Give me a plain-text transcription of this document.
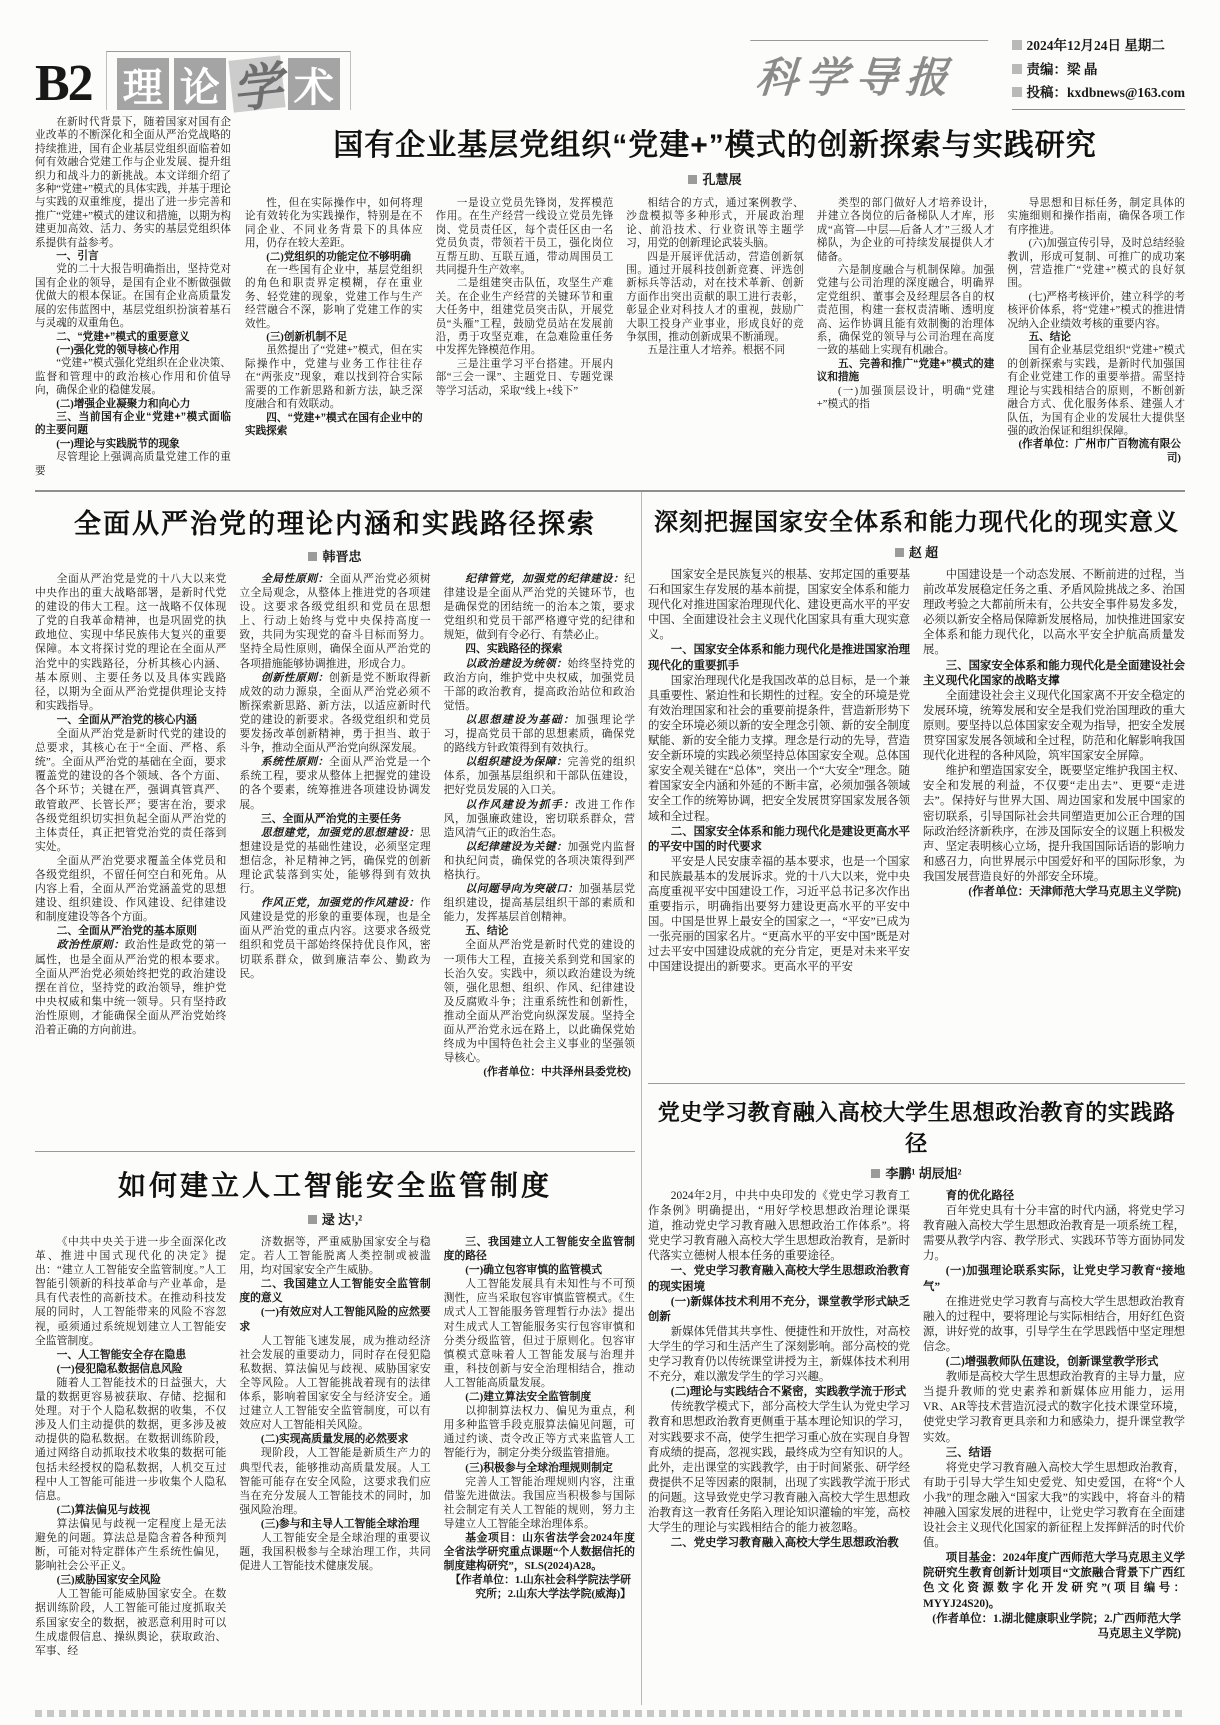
B2 理 论 学 术	科学导报
2024年12月24日 星期二
责编：梁 晶
投稿：kxdbnews@163.com

在新时代背景下，随着国家对国有企业改革的不断深化和全面从严治党战略的持续推进，国有企业基层党组织面临着如何有效融合党建工作与企业发展、提升组织力和战斗力的新挑战。本文详细介绍了多种“党建+”模式的具体实践，并基于理论与实践的双重维度，提出了进一步完善和推广“党建+”模式的建议和措施，以期为构建更加高效、活力、务实的基层党组织体系提供有益参考。

一、引言

党的二十大报告明确指出，坚持党对国有企业的领导，是国有企业不断做强做优做大的根本保证。在国有企业高质量发展的宏伟蓝图中，基层党组织扮演着基石与灵魂的双重角色。

二、“党建+”模式的重要意义

(一)强化党的领导核心作用

“党建+”模式强化党组织在企业决策、监督和管理中的政治核心作用和价值导向，确保企业的稳健发展。

(二)增强企业凝聚力和向心力

三、当前国有企业“党建+”模式面临的主要问题

(一)理论与实践脱节的现象

尽管理论上强调高质量党建工作的重要

国有企业基层党组织“党建+”模式的创新探索与实践研究
孔慧展

性，但在实际操作中，如何将理论有效转化为实践操作，特别是在不同企业、不同业务背景下的具体应用，仍存在较大差距。

(二)党组织的功能定位不够明确

在一些国有企业中，基层党组织的角色和职责界定模糊，存在重业务、轻党建的现象，党建工作与生产经营融合不深，影响了党建工作的实效性。

(三)创新机制不足

虽然提出了“党建+”模式，但在实际操作中，党建与业务工作往往存在“两张皮”现象，难以找到符合实际需要的工作新思路和新方法，缺乏深度融合和有效联动。

四、“党建+”模式在国有企业中的实践探索

一是设立党员先锋岗，发挥模范作用。在生产经营一线设立党员先锋岗、党员责任区，每个责任区由一名党员负责，带领若干员工，强化岗位互帮互助、互联互通，带动周围员工共同提升生产效率。

二是组建突击队伍，攻坚生产难关。在企业生产经营的关键环节和重大任务中，组建党员突击队，开展党员“头雁”工程，鼓励党员站在发展前沿，勇于攻坚克难，在急难险重任务中发挥先锋模范作用。

三是注重学习平台搭建。开展内部“三会一课”、主题党日、专题党课等学习活动，采取“线上+线下”

相结合的方式，通过案例教学、沙盘模拟等多种形式，开展政治理论、前沿技术、行业资讯等主题学习，用党的创新理论武装头脑。

四是开展评优活动，营造创新氛围。通过开展科技创新竞赛、评选创新标兵等活动，对在技术革新、创新方面作出突出贡献的职工进行表彰，彰显企业对科技人才的重视，鼓励广大职工投身产业事业，形成良好的竞争氛围，推动创新成果不断涌现。

五是注重人才培养。根据不同

类型的部门做好人才培养设计，并建立各岗位的后备梯队人才库，形成“高管—中层—后备人才”三级人才梯队，为企业的可持续发展提供人才储备。

六是制度融合与机制保障。加强党建与公司治理的深度融合，明确界定党组织、董事会及经理层各自的权责范围，构建一套权责清晰、透明度高、运作协调且能有效制衡的治理体系，确保党的领导与公司治理在高度一致的基础上实现有机融合。

五、完善和推广“党建+”模式的建议和措施

(一)加强顶层设计，明确“党建+”模式的指

导思想和目标任务，制定具体的实施细则和操作指南，确保各项工作有序推进。

(六)加强宣传引导，及时总结经验教训，形成可复制、可推广的成功案例，营造推广“党建+”模式的良好氛围。

(七)严格考核评价，建立科学的考核评价体系，将“党建+”模式的推进情况纳入企业绩效考核的重要内容。

五、结论

国有企业基层党组织“党建+”模式的创新探索与实践，是新时代加强国有企业党建工作的重要举措。需坚持理论与实践相结合的原则，不断创新融合方式、优化服务体系、建强人才队伍，为国有企业的发展壮大提供坚强的政治保证和组织保障。

(作者单位：广州市广百物流有限公司)

全面从严治党的理论内涵和实践路径探索
韩晋忠

全面从严治党是党的十八大以来党中央作出的重大战略部署，是新时代党的建设的伟大工程。这一战略不仅体现了党的自我革命精神，也是巩固党的执政地位、实现中华民族伟大复兴的重要保障。本文将探讨党的理论在全面从严治党中的实践路径，分析其核心内涵、基本原则、主要任务以及具体实践路径，以期为全面从严治党提供理论支持和实践指导。

一、全面从严治党的核心内涵

全面从严治党是新时代党的建设的总要求，其核心在于“全面、严格、系统”。全面从严治党的基础在全面，要求覆盖党的建设的各个领域、各个方面、各个环节；关键在严，强调真管真严、敢管敢严、长管长严；要害在治，要求各级党组织切实担负起全面从严治党的主体责任，真正把管党治党的责任落到实处。

全面从严治党要求覆盖全体党员和各级党组织，不留任何空白和死角。从内容上看，全面从严治党涵盖党的思想建设、组织建设、作风建设、纪律建设和制度建设等各个方面。

二、全面从严治党的基本原则

政治性原则：政治性是政党的第一属性，也是全面从严治党的根本要求。全面从严治党必须始终把党的政治建设摆在首位，坚持党的政治领导，维护党中央权威和集中统一领导。只有坚持政治性原则，才能确保全面从严治党始终沿着正确的方向前进。

全局性原则：全面从严治党必须树立全局观念，从整体上推进党的各项建设。这要求各级党组织和党员在思想上、行动上始终与党中央保持高度一致，共同为实现党的奋斗目标而努力。坚持全局性原则，确保全面从严治党的各项措施能够协调推进，形成合力。

创新性原则：创新是党不断取得新成效的动力源泉，全面从严治党必须不断探索新思路、新方法，以适应新时代党的建设的新要求。各级党组织和党员要发扬改革创新精神，勇于担当、敢于斗争，推动全面从严治党向纵深发展。

系统性原则：全面从严治党是一个系统工程，要求从整体上把握党的建设的各个要素，统筹推进各项建设协调发展。

三、全面从严治党的主要任务

思想建党，加强党的思想建设：思想建设是党的基础性建设，必须坚定理想信念，补足精神之钙，确保党的创新理论武装落到实处，能够得到有效执行。

作风正党，加强党的作风建设：作风建设是党的形象的重要体现，也是全面从严治党的重点内容。这要求各级党组织和党员干部始终保持优良作风，密切联系群众，做到廉洁奉公、勤政为民。

纪律管党，加强党的纪律建设：纪律建设是全面从严治党的关键环节，也是确保党的团结统一的治本之策，要求党组织和党员干部严格遵守党的纪律和规矩，做到有令必行、有禁必止。

四、实践路径的探索

以政治建设为统领：始终坚持党的政治方向，维护党中央权威，加强党员干部的政治教育，提高政治站位和政治觉悟。

以思想建设为基础：加强理论学习，提高党员干部的思想素质，确保党的路线方针政策得到有效执行。

以组织建设为保障：完善党的组织体系，加强基层组织和干部队伍建设，把好党员发展的入口关。

以作风建设为抓手：改进工作作风，加强廉政建设，密切联系群众，营造风清气正的政治生态。

以纪律建设为关键：加强党内监督和执纪问责，确保党的各项决策得到严格执行。

以问题导向为突破口：加强基层党组织建设，提高基层组织干部的素质和能力，发挥基层首创精神。

五、结论

全面从严治党是新时代党的建设的一项伟大工程，直接关系到党和国家的长治久安。实践中，须以政治建设为统领，强化思想、组织、作风、纪律建设及反腐败斗争；注重系统性和创新性，推动全面从严治党向纵深发展。坚持全面从严治党永远在路上，以此确保党始终成为中国特色社会主义事业的坚强领导核心。

(作者单位：中共泽州县委党校)

如何建立人工智能安全监管制度
逯 达¹,²

《中共中央关于进一步全面深化改革、推进中国式现代化的决定》提出：“建立人工智能安全监管制度。”人工智能引领新的科技革命与产业革命，是具有代表性的高新技术。在推动科技发展的同时，人工智能带来的风险不容忽视，亟须通过系统规划建立人工智能安全监管制度。

一、人工智能安全存在隐患

(一)侵犯隐私数据信息风险

随着人工智能技术的日益强大，大量的数据更容易被获取、存储、挖掘和处理。对于个人隐私数据的收集，不仅涉及人们主动提供的数据，更多涉及被动提供的隐私数据。在数据训练阶段，通过网络自动抓取技术收集的数据可能包括未经授权的隐私数据，人机交互过程中人工智能可能进一步收集个人隐私信息。

(二)算法偏见与歧视

算法偏见与歧视一定程度上是无法避免的问题。算法总是隐含着各种预判断，可能对特定群体产生系统性偏见，影响社会公平正义。

(三)威胁国家安全风险

人工智能可能威胁国家安全。在数据训练阶段，人工智能可能过度抓取关系国家安全的数据，被恶意利用时可以生成虚假信息、操纵舆论，获取政治、军事、经

济数据等，严重威胁国家安全与稳定。若人工智能脱离人类控制或被滥用，均对国家安全产生威胁。

二、我国建立人工智能安全监管制度的意义

(一)有效应对人工智能风险的应然要求

人工智能飞速发展，成为推动经济社会发展的重要动力，同时存在侵犯隐私数据、算法偏见与歧视、威胁国家安全等风险。人工智能挑战着现有的法律体系，影响着国家安全与经济安全。通过建立人工智能安全监管制度，可以有效应对人工智能相关风险。

(二)实现高质量发展的必然要求

现阶段，人工智能是新质生产力的典型代表，能够推动高质量发展。人工智能可能存在安全风险，这要求我们应当在充分发展人工智能技术的同时，加强风险治理。

(三)参与和主导人工智能全球治理

人工智能安全是全球治理的重要议题，我国积极参与全球治理工作，共同促进人工智能技术健康发展。

三、我国建立人工智能安全监管制度的路径

(一)确立包容审慎的监管模式

人工智能发展具有未知性与不可预测性，应当采取包容审慎监管模式。《生成式人工智能服务管理暂行办法》提出对生成式人工智能服务实行包容审慎和分类分级监管，但过于原则化。包容审慎模式意味着人工智能发展与治理并重，科技创新与安全治理相结合，推动人工智能高质量发展。

(二)建立算法安全监管制度

以抑制算法权力、偏见为重点，利用多种监管手段克服算法偏见问题，可通过约谈、责令改正等方式来监管人工智能行为，制定分类分级监管措施。

(三)积极参与全球治理规则制定

完善人工智能治理规则内容，注重借鉴先进做法。我国应当积极参与国际社会制定有关人工智能的规则，努力主导建立人工智能全球治理体系。

基金项目：山东省法学会2024年度全省法学研究重点课题“个人数据信托的制度建构研究”，SLS(2024)A28。

【作者单位：1.山东社会科学院法学研究所；2.山东大学法学院(威海)】

深刻把握国家安全体系和能力现代化的现实意义
赵 超

国家安全是民族复兴的根基、安邦定国的重要基石和国家生存发展的基本前提，国家安全体系和能力现代化对推进国家治理现代化、建设更高水平的平安中国、全面建设社会主义现代化国家具有重大现实意义。

一、国家安全体系和能力现代化是推进国家治理现代化的重要抓手

国家治理现代化是我国改革的总目标，是一个兼具重要性、紧迫性和长期性的过程。安全的环境是党有效治理国家和社会的重要前提条件，营造新形势下的安全环境必须以新的安全理念引领、新的安全制度赋能、新的安全能力支撑。理念是行动的先导，营造安全新环境的实践必须坚持总体国家安全观。总体国家安全观关键在“总体”，突出一个“大安全”理念。随着国家安全内涵和外延的不断丰富，必须加强各领域安全工作的统筹协调，把安全发展贯穿国家发展各领域和全过程。

二、国家安全体系和能力现代化是建设更高水平的平安中国的时代要求

平安是人民安康幸福的基本要求，也是一个国家和民族最基本的发展诉求。党的十八大以来，党中央高度重视平安中国建设工作，习近平总书记多次作出重要指示，明确指出要努力建设更高水平的平安中国。中国是世界上最安全的国家之一，“平安”已成为一张亮丽的国家名片。“更高水平的平安中国”既是对过去平安中国建设成就的充分肯定，更是对未来平安中国建设提出的新要求。更高水平的平安

中国建设是一个动态发展、不断前进的过程，当前改革发展稳定任务之重、矛盾风险挑战之多、治国理政考验之大都前所未有，公共安全事件易发多发，必须以新安全格局保障新发展格局，加快推进国家安全体系和能力现代化，以高水平安全护航高质量发展。

三、国家安全体系和能力现代化是全面建设社会主义现代化国家的战略支撑

全面建设社会主义现代化国家离不开安全稳定的发展环境，统筹发展和安全是我们党治国理政的重大原则。要坚持以总体国家安全观为指导，把安全发展贯穿国家发展各领域和全过程，防范和化解影响我国现代化进程的各种风险，筑牢国家安全屏障。

维护和塑造国家安全，既要坚定维护我国主权、安全和发展的利益，不仅要“走出去”、更要“走进去”。保持好与世界大国、周边国家和发展中国家的密切联系，引导国际社会共同塑造更加公正合理的国际政治经济新秩序，在涉及国际安全的议题上积极发声、坚定表明核心立场，提升我国国际话语的影响力和感召力，向世界展示中国爱好和平的国际形象，为我国发展营造良好的外部安全环境。

(作者单位：天津师范大学马克思主义学院)

党史学习教育融入高校大学生思想政治教育的实践路径
李鹏¹ 胡辰旭²

2024年2月，中共中央印发的《党史学习教育工作条例》明确提出，“用好学校思想政治理论课渠道，推动党史学习教育融入思想政治工作体系”。将党史学习教育融入高校大学生思想政治教育，是新时代落实立德树人根本任务的重要途径。

一、党史学习教育融入高校大学生思想政治教育的现实困境

(一)新媒体技术利用不充分，课堂教学形式缺乏创新

新媒体凭借其共享性、便捷性和开放性，对高校大学生的学习和生活产生了深刻影响。部分高校的党史学习教育仍以传统课堂讲授为主，新媒体技术利用不充分，难以激发学生的学习兴趣。

(二)理论与实践结合不紧密，实践教学流于形式

传统教学模式下，部分高校大学生认为党史学习教育和思想政治教育更侧重于基本理论知识的学习，对实践要求不高，使学生把学习重心放在实现自身智育成绩的提高，忽视实践，最终成为空有知识的人。此外，走出课堂的实践教学，由于时间紧张、研学经费提供不足等因素的限制，出现了实践教学流于形式的问题。这导致党史学习教育融入高校大学生思想政治教育这一教育任务陷入理论知识灌输的牢笼，高校大学生的理论与实践相结合的能力被忽略。

二、党史学习教育融入高校大学生思想政治教

育的优化路径

百年党史具有十分丰富的时代内涵，将党史学习教育融入高校大学生思想政治教育是一项系统工程，需要从教学内容、教学形式、实践环节等方面协同发力。

(一)加强理论联系实际，让党史学习教育“接地气”

在推进党史学习教育与高校大学生思想政治教育融入的过程中，要将理论与实际相结合，用好红色资源，讲好党的故事，引导学生在学思践悟中坚定理想信念。

(二)增强教师队伍建设，创新课堂教学形式

教师是高校大学生思想政治教育的主导力量，应当提升教师的党史素养和新媒体应用能力，运用VR、AR等技术营造沉浸式的数字化技术课堂环境，使党史学习教育更具亲和力和感染力，提升课堂教学实效。

三、结语

将党史学习教育融入高校大学生思想政治教育，有助于引导大学生知史爱党、知史爱国，在将“个人小我”的理念融入“国家大我”的实践中，将奋斗的精神融入国家发展的进程中，让党史学习教育在全面建设社会主义现代化国家的新征程上发挥鲜活的时代价值。

项目基金：2024年度广西师范大学马克思主义学院研究生教育创新计划项目“文旅融合背景下广西红色文化资源数字化开发研究”(项目编号：MYYJ24S20)。

(作者单位：1.湖北健康职业学院；2.广西师范大学马克思主义学院)
